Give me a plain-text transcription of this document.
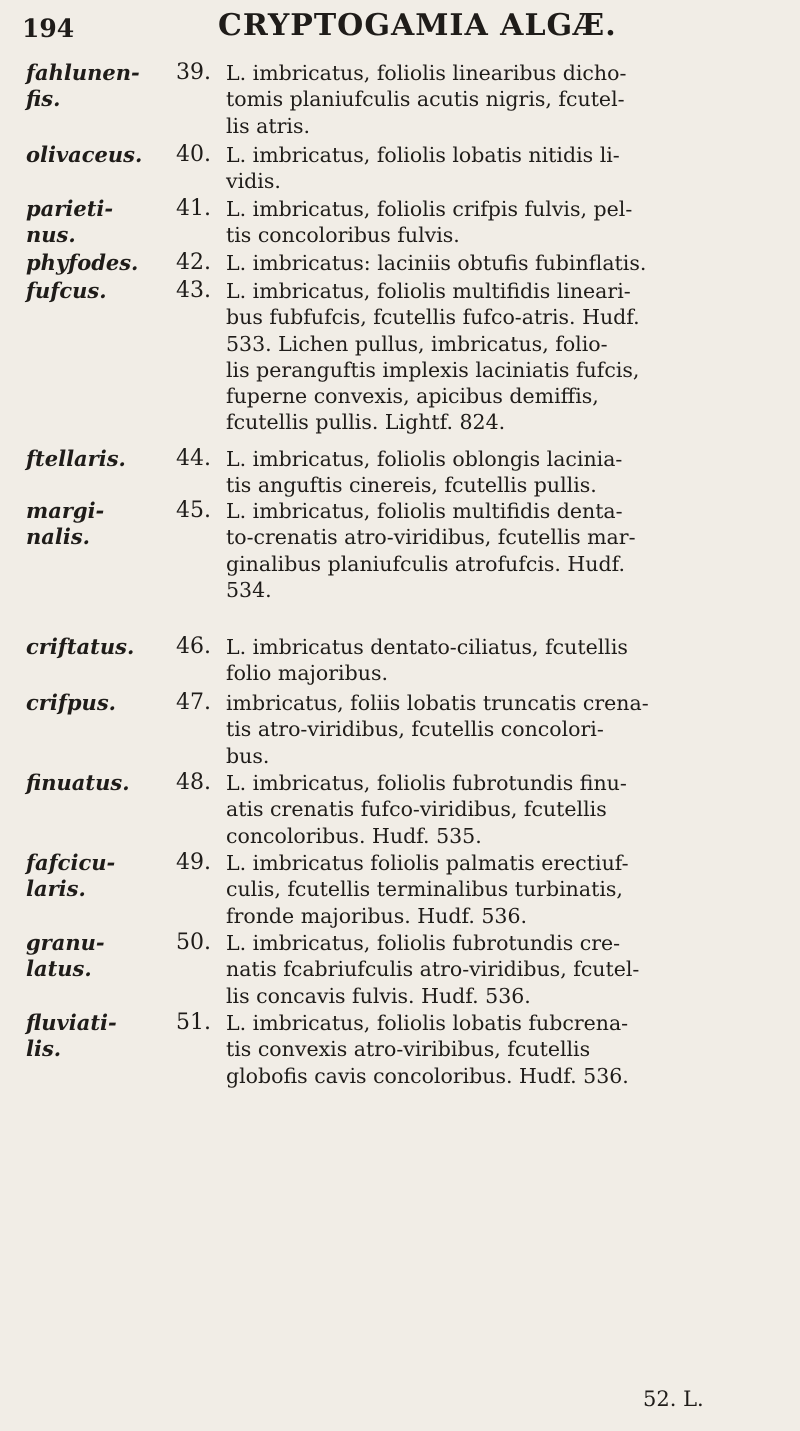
194	CRYPTOGAMIA ALGÆ.
fahlunen-
fis.
39. L. imbricatus, foliolis linearibus dicho-
tomis planiufculis acutis nigris, fcutel-
lis atris.

olivaceus. 40. L. imbricatus, foliolis lobatis nitidis li-
vidis.

parieti-
nus.
41. L. imbricatus, foliolis crifpis fulvis, pel-
tis concoloribus fulvis.

phyfodes. 42. L. imbricatus: laciniis obtufis fubinflatis.

fufcus.	43. L. imbricatus, foliolis multifidis lineari-
bus fubfufcis, fcutellis fufco-atris. Hudf.
533. Lichen pullus, imbricatus, folio-
lis peranguftis implexis laciniatis fufcis,
fuperne convexis, apicibus demiffis,
fcutellis pullis. Lightf. 824.

ftellaris. 44. L. imbricatus, foliolis oblongis lacinia-
tis anguftis cinereis, fcutellis pullis.

margi-
nalis.
45. L. imbricatus, foliolis multifidis denta-
to-crenatis atro-viridibus, fcutellis mar-
ginalibus planiufculis atrofufcis. Hudf.
534.

criftatus. 46. L. imbricatus dentato-ciliatus, fcutellis
folio majoribus.

crifpus.	47. imbricatus, foliis lobatis truncatis crena-
tis atro-viridibus, fcutellis concolori-
bus.

finuatus. 48. L. imbricatus, foliolis fubrotundis finu-
atis crenatis fufco-viridibus, fcutellis
concoloribus. Hudf. 535.

fafcicu-
laris.
49. L. imbricatus foliolis palmatis erectiuf-
culis, fcutellis terminalibus turbinatis,
fronde majoribus. Hudf. 536.

granu-
latus.
50. L. imbricatus, foliolis fubrotundis cre-
natis fcabriufculis atro-viridibus, fcutel-
lis concavis fulvis. Hudf. 536.

fluviati-
lis.
51. L. imbricatus, foliolis lobatis fubcrena-
tis convexis atro-viribibus, fcutellis
globofis cavis concoloribus. Hudf. 536.

52. L.
